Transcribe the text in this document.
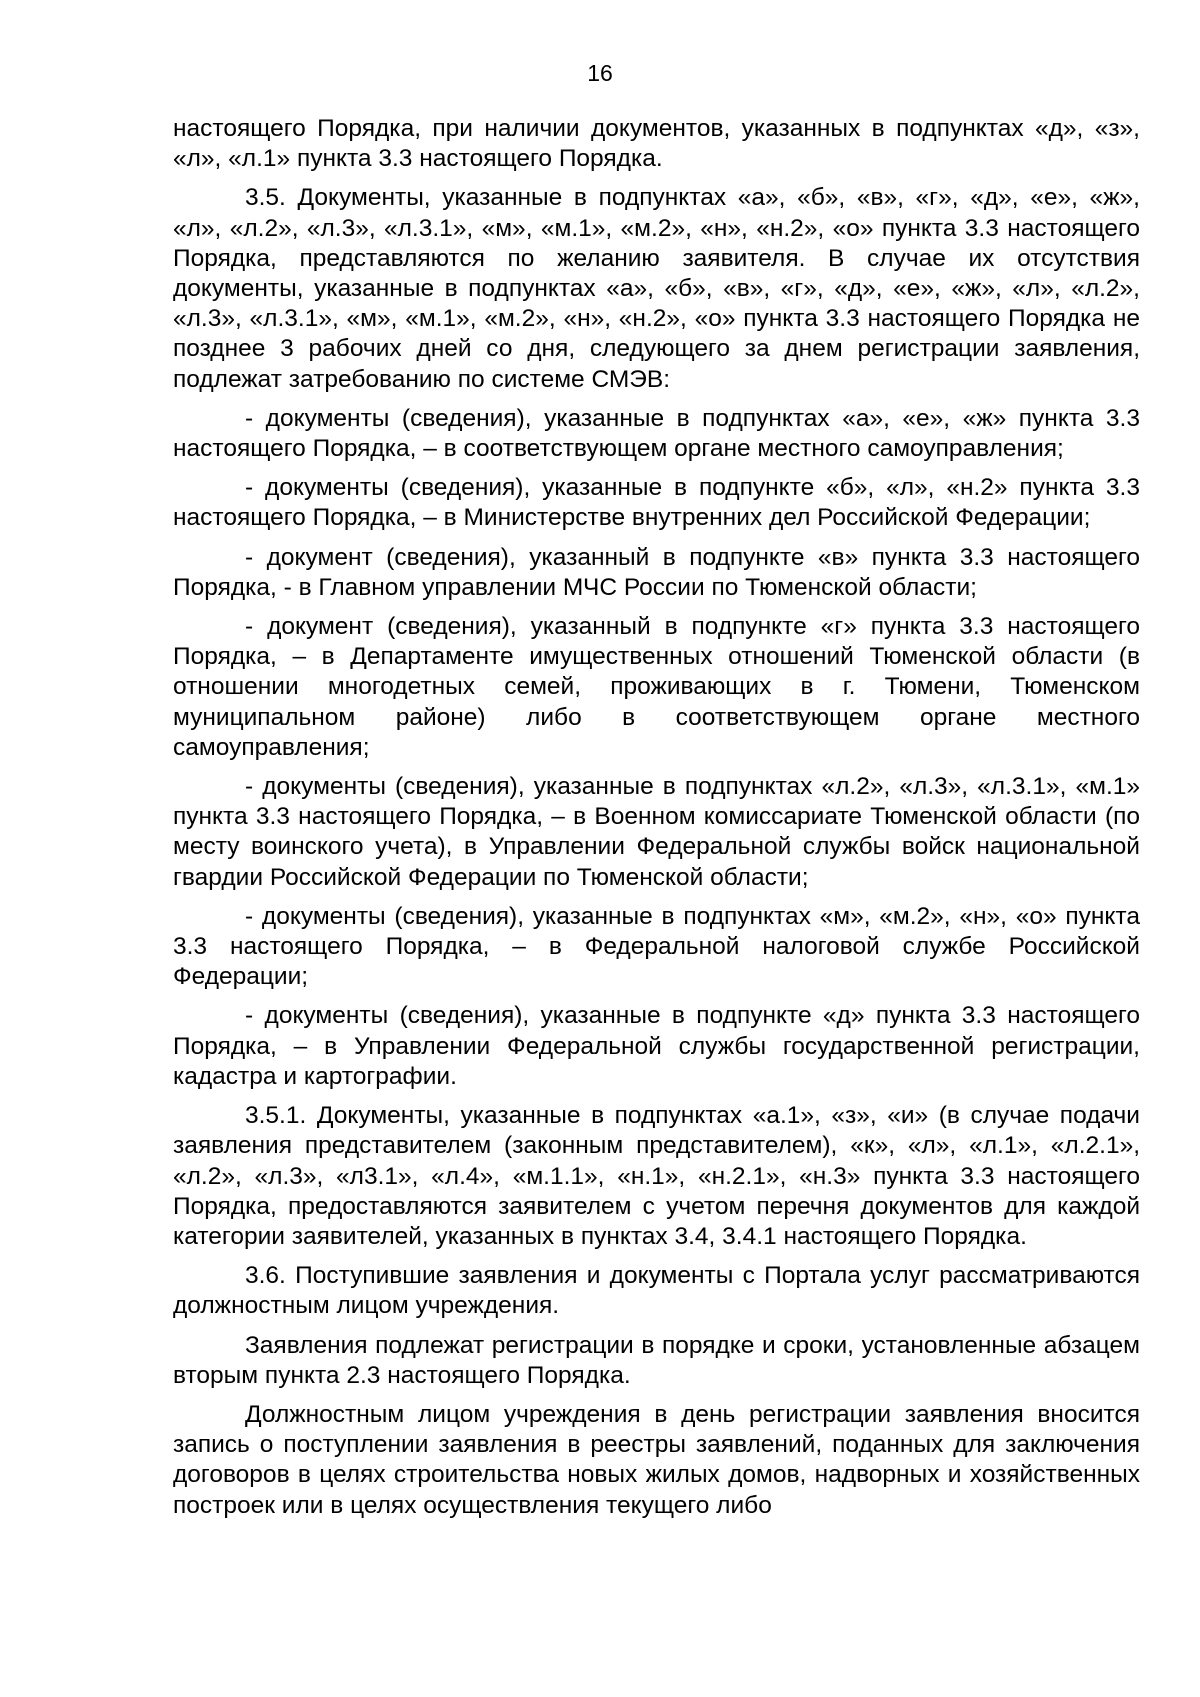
16

настоящего Порядка, при наличии документов, указанных в подпунктах «д», «з», «л», «л.1» пункта 3.3 настоящего Порядка.

3.5. Документы, указанные в подпунктах «а», «б», «в», «г», «д», «е», «ж», «л», «л.2», «л.3», «л.3.1», «м», «м.1», «м.2», «н», «н.2», «о» пункта 3.3 настоящего Порядка, представляются по желанию заявителя. В случае их отсутствия документы, указанные в подпунктах «а», «б», «в», «г», «д», «е», «ж», «л», «л.2», «л.3», «л.3.1», «м», «м.1», «м.2», «н», «н.2», «о» пункта 3.3 настоящего Порядка не позднее 3 рабочих дней со дня, следующего за днем регистрации заявления, подлежат затребованию по системе СМЭВ:

- документы (сведения), указанные в подпунктах «а», «е», «ж» пункта 3.3 настоящего Порядка, – в соответствующем органе местного самоуправления;

- документы (сведения), указанные в подпункте «б», «л», «н.2» пункта 3.3 настоящего Порядка, – в Министерстве внутренних дел Российской Федерации;

- документ (сведения), указанный в подпункте «в» пункта 3.3 настоящего Порядка, - в Главном управлении МЧС России по Тюменской области;

- документ (сведения), указанный в подпункте «г» пункта 3.3 настоящего Порядка, – в Департаменте имущественных отношений Тюменской области (в отношении многодетных семей, проживающих в г. Тюмени, Тюменском муниципальном районе) либо в соответствующем органе местного самоуправления;

- документы (сведения), указанные в подпунктах «л.2», «л.3», «л.3.1», «м.1» пункта 3.3 настоящего Порядка, – в Военном комиссариате Тюменской области (по месту воинского учета), в Управлении Федеральной службы войск национальной гвардии Российской Федерации по Тюменской области;

- документы (сведения), указанные в подпунктах «м», «м.2», «н», «о» пункта 3.3 настоящего Порядка, – в Федеральной налоговой службе Российской Федерации;

- документы (сведения), указанные в подпункте «д» пункта 3.3 настоящего Порядка, – в Управлении Федеральной службы государственной регистрации, кадастра и картографии.

3.5.1. Документы, указанные в подпунктах «а.1», «з», «и» (в случае подачи заявления представителем (законным представителем), «к», «л», «л.1», «л.2.1», «л.2», «л.3», «л3.1», «л.4», «м.1.1», «н.1», «н.2.1», «н.3» пункта 3.3 настоящего Порядка, предоставляются заявителем с учетом перечня документов для каждой категории заявителей, указанных в пунктах 3.4, 3.4.1 настоящего Порядка.

3.6. Поступившие заявления и документы с Портала услуг рассматриваются должностным лицом учреждения.

Заявления подлежат регистрации в порядке и сроки, установленные абзацем вторым пункта 2.3 настоящего Порядка.

Должностным лицом учреждения в день регистрации заявления вносится запись о поступлении заявления в реестры заявлений, поданных для заключения договоров в целях строительства новых жилых домов, надворных и хозяйственных построек или в целях осуществления текущего либо
